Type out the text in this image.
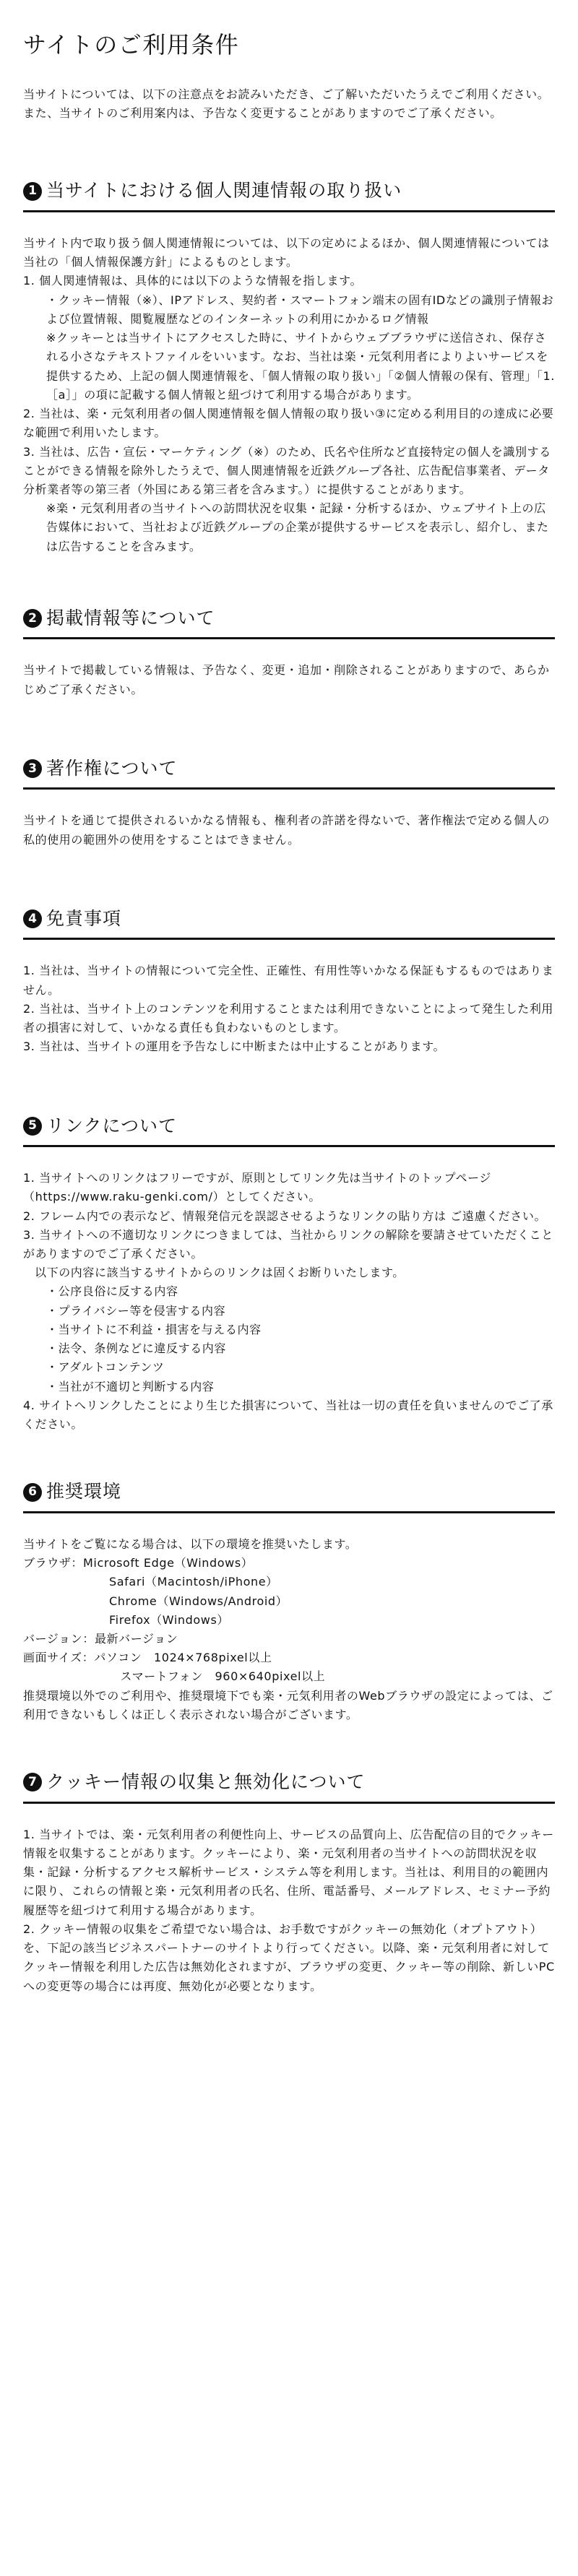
サイトのご利用条件

当サイトについては、以下の注意点をお読みいただき、ご了解いただいたうえでご利用ください。また、当サイトのご利用案内は、予告なく変更することがありますのでご了承ください。

1 当サイトにおける個人関連情報の取り扱い

当サイト内で取り扱う個人関連情報については、以下の定めによるほか、個人関連情報については当社の「個人情報保護方針」によるものとします。

1. 個人関連情報は、具体的には以下のような情報を指します。

・クッキー情報（※）、IPアドレス、契約者・スマートフォン端末の固有IDなどの識別子情報および位置情報、閲覧履歴などのインターネットの利用にかかるログ情報

※クッキーとは当サイトにアクセスした時に、サイトからウェブブラウザに送信され、保存される小さなテキストファイルをいいます。なお、当社は楽・元気利用者によりよいサービスを提供するため、上記の個人関連情報を、「個人情報の取り扱い」「②個人情報の保有、管理」「1.［a］」の項に記載する個人情報と紐づけて利用する場合があります。

2. 当社は、楽・元気利用者の個人関連情報を個人情報の取り扱い③に定める利用目的の達成に必要な範囲で利用いたします。

3. 当社は、広告・宣伝・マーケティング（※）のため、氏名や住所など直接特定の個人を識別することができる情報を除外したうえで、個人関連情報を近鉄グループ各社、広告配信事業者、データ分析業者等の第三者（外国にある第三者を含みます。）に提供することがあります。

※楽・元気利用者の当サイトへの訪問状況を収集・記録・分析するほか、ウェブサイト上の広告媒体において、当社および近鉄グループの企業が提供するサービスを表示し、紹介し、または広告することを含みます。

2 掲載情報等について

当サイトで掲載している情報は、予告なく、変更・追加・削除されることがありますので、あらかじめご了承ください。

3 著作権について

当サイトを通じて提供されるいかなる情報も、権利者の許諾を得ないで、著作権法で定める個人の私的使用の範囲外の使用をすることはできません。

4 免責事項

1. 当社は、当サイトの情報について完全性、正確性、有用性等いかなる保証もするものではありません。

2. 当社は、当サイト上のコンテンツを利用することまたは利用できないことによって発生した利用者の損害に対して、いかなる責任も負わないものとします。

3. 当社は、当サイトの運用を予告なしに中断または中止することがあります。

5 リンクについて

1. 当サイトへのリンクはフリーですが、原則としてリンク先は当サイトのトップページ

（https://www.raku-genki.com/）としてください。

2. フレーム内での表示など、情報発信元を誤認させるようなリンクの貼り方は ご遠慮ください。

3. 当サイトへの不適切なリンクにつきましては、当社からリンクの解除を要請させていただくことがありますのでご了承ください。

以下の内容に該当するサイトからのリンクは固くお断りいたします。

・公序良俗に反する内容

・プライバシー等を侵害する内容

・当サイトに不利益・損害を与える内容

・法令、条例などに違反する内容

・アダルトコンテンツ

・当社が不適切と判断する内容

4. サイトへリンクしたことにより生じた損害について、当社は一切の責任を負いませんのでご了承ください。

6 推奨環境

当サイトをご覧になる場合は、以下の環境を推奨いたします。

ブラウザ： Microsoft Edge（Windows）
Safari（Macintosh/iPhone）
Chrome（Windows/Android）
Firefox（Windows）

バージョン：最新バージョン

画面サイズ： パソコン　1024×768pixel以上
スマートフォン　960×640pixel以上

推奨環境以外でのご利用や、推奨環境下でも楽・元気利用者のWebブラウザの設定によっては、ご利用できないもしくは正しく表示されない場合がございます。

7 クッキー情報の収集と無効化について

1. 当サイトでは、楽・元気利用者の利便性向上、サービスの品質向上、広告配信の目的でクッキー情報を収集することがあります。クッキーにより、楽・元気利用者の当サイトへの訪問状況を収集・記録・分析するアクセス解析サービス・システム等を利用します。当社は、利用目的の範囲内に限り、これらの情報と楽・元気利用者の氏名、住所、電話番号、メールアドレス、セミナー予約履歴等を紐づけて利用する場合があります。

2. クッキー情報の収集をご希望でない場合は、お手数ですがクッキーの無効化（オプトアウト）を、下記の該当ビジネスパートナーのサイトより行ってください。以降、楽・元気利用者に対してクッキー情報を利用した広告は無効化されますが、ブラウザの変更、クッキー等の削除、新しいPCへの変更等の場合には再度、無効化が必要となります。
